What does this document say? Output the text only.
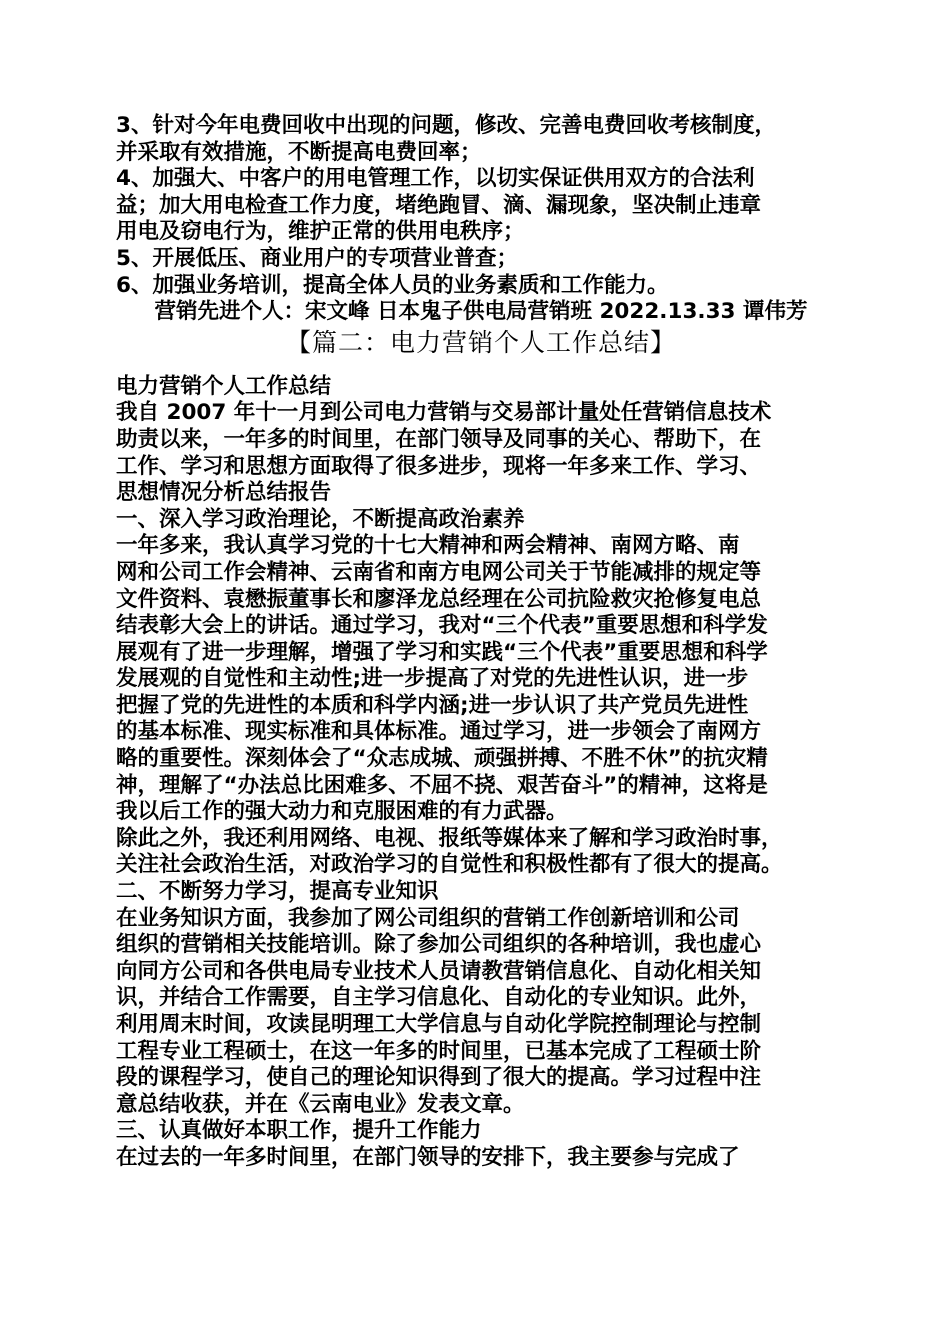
3、针对今年电费回收中出现的问题，修改、完善电费回收考核制度，
并采取有效措施，不断提高电费回率；
4、加强大、中客户的用电管理工作，以切实保证供用双方的合法利
益；加大用电检查工作力度，堵绝跑冒、滴、漏现象，坚决制止违章
用电及窃电行为，维护正常的供用电秩序；
5、开展低压、商业用户的专项营业普查；
6、加强业务培训，提高全体人员的业务素质和工作能力。
营销先进个人：宋文峰 日本鬼子供电局营销班 2022.13.33 谭伟芳
【篇二：电力营销个人工作总结】
电力营销个人工作总结
我自 2007 年十一月到公司电力营销与交易部计量处任营销信息技术
助责以来，一年多的时间里，在部门领导及同事的关心、帮助下，在
工作、学习和思想方面取得了很多进步，现将一年多来工作、学习、
思想情况分析总结报告
一、深入学习政治理论，不断提高政治素养
一年多来，我认真学习党的十七大精神和两会精神、南网方略、南
网和公司工作会精神、云南省和南方电网公司关于节能减排的规定等
文件资料、袁懋振董事长和廖泽龙总经理在公司抗险救灾抢修复电总
结表彰大会上的讲话。通过学习，我对“三个代表”重要思想和科学发
展观有了进一步理解，增强了学习和实践“三个代表”重要思想和科学
发展观的自觉性和主动性;进一步提高了对党的先进性认识，进一步
把握了党的先进性的本质和科学内涵;进一步认识了共产党员先进性
的基本标准、现实标准和具体标准。通过学习，进一步领会了南网方
略的重要性。深刻体会了“众志成城、顽强拼搏、不胜不休”的抗灾精
神，理解了“办法总比困难多、不屈不挠、艰苦奋斗”的精神，这将是
我以后工作的强大动力和克服困难的有力武器。
除此之外，我还利用网络、电视、报纸等媒体来了解和学习政治时事，
关注社会政治生活，对政治学习的自觉性和积极性都有了很大的提高。
二、不断努力学习，提高专业知识
在业务知识方面，我参加了网公司组织的营销工作创新培训和公司
组织的营销相关技能培训。除了参加公司组织的各种培训，我也虚心
向同方公司和各供电局专业技术人员请教营销信息化、自动化相关知
识，并结合工作需要，自主学习信息化、自动化的专业知识。此外，
利用周末时间，攻读昆明理工大学信息与自动化学院控制理论与控制
工程专业工程硕士，在这一年多的时间里，已基本完成了工程硕士阶
段的课程学习，使自己的理论知识得到了很大的提高。学习过程中注
意总结收获，并在《云南电业》发表文章。
三、认真做好本职工作，提升工作能力
在过去的一年多时间里，在部门领导的安排下，我主要参与完成了
